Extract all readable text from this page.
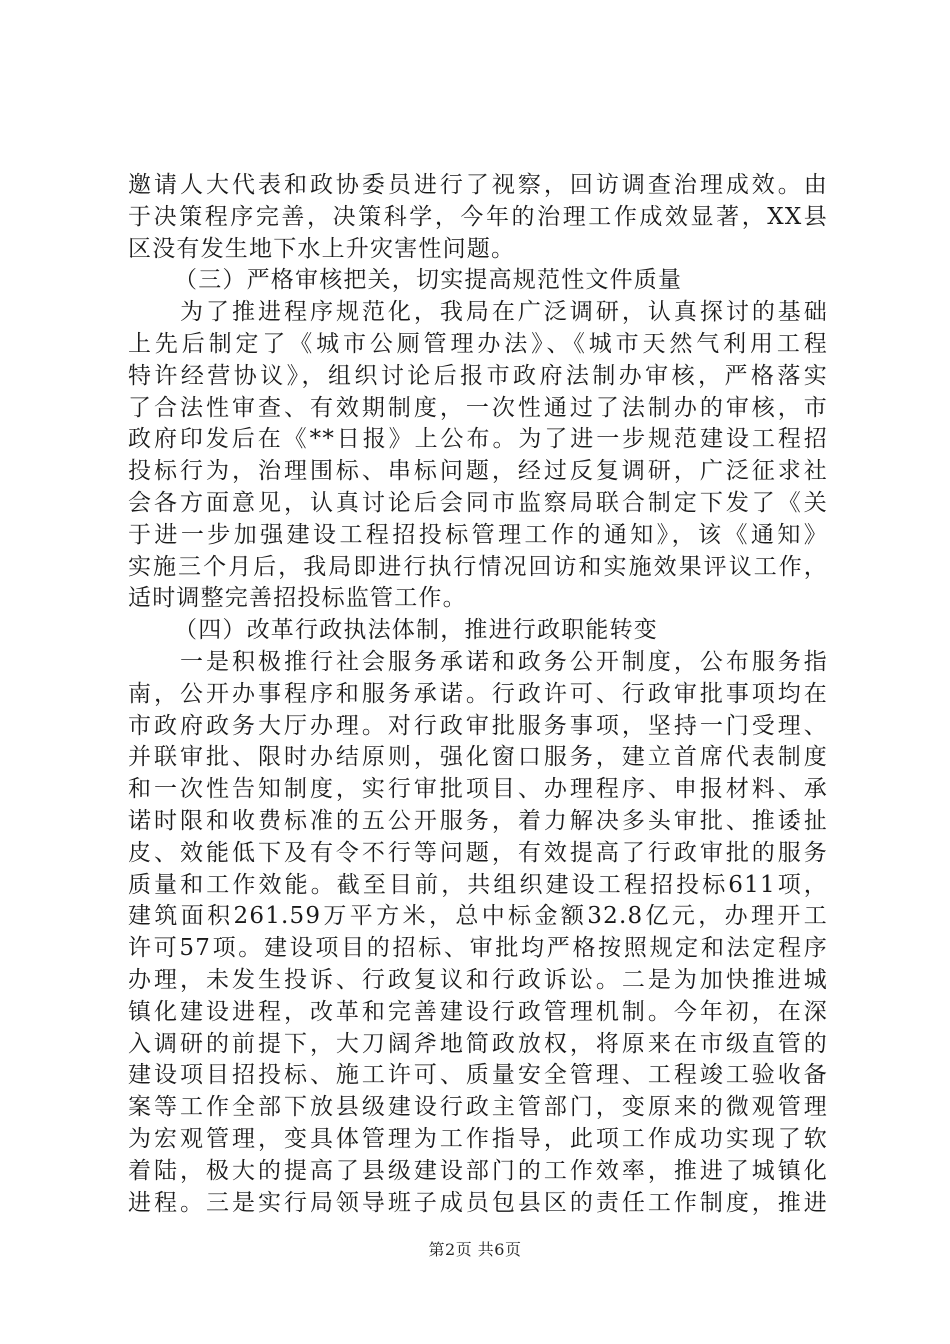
邀请人大代表和政协委员进行了视察，回访调查治理成效。由
于决策程序完善，决策科学，今年的治理工作成效显著，XX县
区没有发生地下水上升灾害性问题。
（三）严格审核把关，切实提高规范性文件质量
为了推进程序规范化，我局在广泛调研，认真探讨的基础
上先后制定了《城市公厕管理办法》、《城市天然气利用工程
特许经营协议》，组织讨论后报市政府法制办审核，严格落实
了合法性审查、有效期制度，一次性通过了法制办的审核，市
政府印发后在《**日报》上公布。为了进一步规范建设工程招
投标行为，治理围标、串标问题，经过反复调研，广泛征求社
会各方面意见，认真讨论后会同市监察局联合制定下发了《关
于进一步加强建设工程招投标管理工作的通知》，该《通知》
实施三个月后，我局即进行执行情况回访和实施效果评议工作，
适时调整完善招投标监管工作。
（四）改革行政执法体制，推进行政职能转变
一是积极推行社会服务承诺和政务公开制度，公布服务指
南，公开办事程序和服务承诺。行政许可、行政审批事项均在
市政府政务大厅办理。对行政审批服务事项，坚持一门受理、
并联审批、限时办结原则，强化窗口服务，建立首席代表制度
和一次性告知制度，实行审批项目、办理程序、申报材料、承
诺时限和收费标准的五公开服务，着力解决多头审批、推诿扯
皮、效能低下及有令不行等问题，有效提高了行政审批的服务
质量和工作效能。截至目前，共组织建设工程招投标611项，
建筑面积261.59万平方米，总中标金额32.8亿元，办理开工
许可57项。建设项目的招标、审批均严格按照规定和法定程序
办理，未发生投诉、行政复议和行政诉讼。二是为加快推进城
镇化建设进程，改革和完善建设行政管理机制。今年初，在深
入调研的前提下，大刀阔斧地简政放权，将原来在市级直管的
建设项目招投标、施工许可、质量安全管理、工程竣工验收备
案等工作全部下放县级建设行政主管部门，变原来的微观管理
为宏观管理，变具体管理为工作指导，此项工作成功实现了软
着陆，极大的提高了县级建设部门的工作效率，推进了城镇化
进程。三是实行局领导班子成员包县区的责任工作制度，推进
第2页 共6页
